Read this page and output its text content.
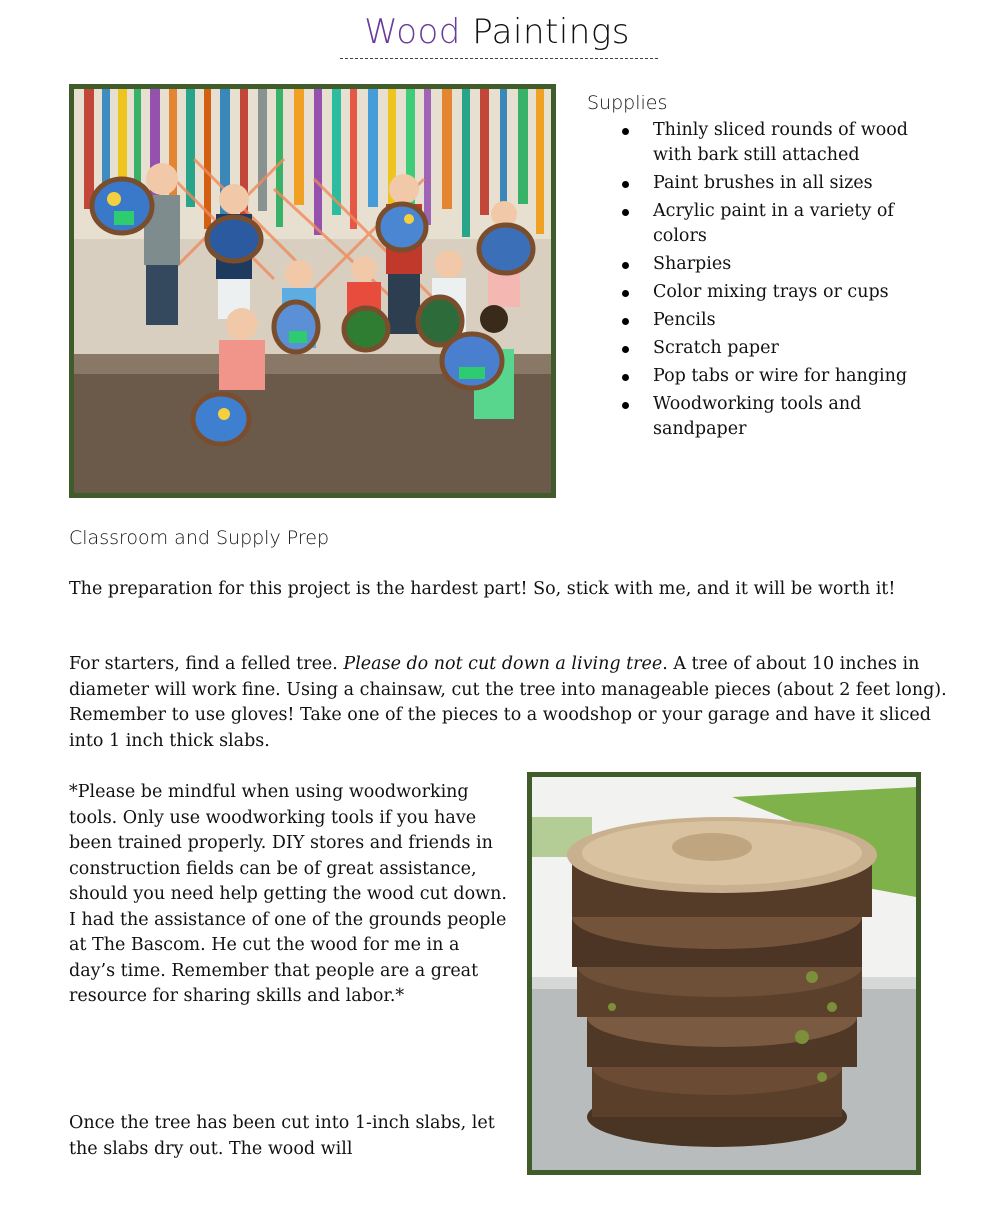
Wood Paintings
Supplies
Thinly sliced rounds of wood with bark still attached
Paint brushes in all sizes
Acrylic paint in a variety of colors
Sharpies
Color mixing trays or cups
Pencils
Scratch paper
Pop tabs or wire for hanging
Woodworking tools and sandpaper
Classroom and Supply Prep

The preparation for this project is the hardest part! So, stick with me, and it will be worth it!

For starters, find a felled tree. Please do not cut down a living tree. A tree of about 10 inches in diameter will work fine. Using a chainsaw, cut the tree into manageable pieces (about 2 feet long). Remember to use gloves! Take one of the pieces to a woodshop or your garage and have it sliced into 1 inch thick slabs.

*Please be mindful when using woodworking tools. Only use woodworking tools if you have been trained properly. DIY stores and friends in construction fields can be of great assistance, should you need help getting the wood cut down. I had the assistance of one of the grounds people at The Bascom. He cut the wood for me in a day’s time. Remember that people are a great resource for sharing skills and labor.*

Once the tree has been cut into 1-inch slabs, let the slabs dry out. The wood will
